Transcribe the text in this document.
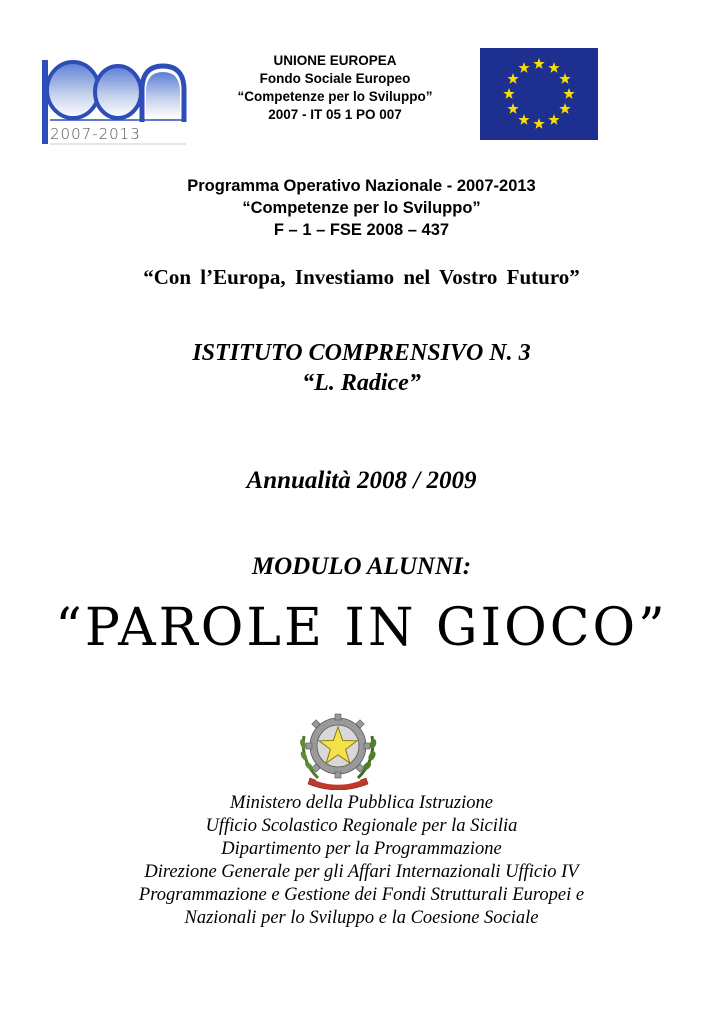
2007-2013
UNIONE EUROPEA
Fondo Sociale Europeo
“Competenze per lo Sviluppo”
2007 - IT 05 1 PO 007
Programma Operativo Nazionale - 2007-2013
“Competenze per lo Sviluppo”
F – 1 – FSE 2008 – 437
“Con l’Europa, Investiamo nel Vostro Futuro”
ISTITUTO COMPRENSIVO N. 3
“L. Radice”
Annualità 2008 / 2009
MODULO ALUNNI:
“PAROLE IN GIOCO”
Ministero della Pubblica Istruzione
Ufficio Scolastico Regionale per la Sicilia
Dipartimento per la Programmazione
Direzione Generale per gli Affari Internazionali Ufficio IV
Programmazione e Gestione dei Fondi Strutturali Europei e
Nazionali per lo Sviluppo e la Coesione Sociale
